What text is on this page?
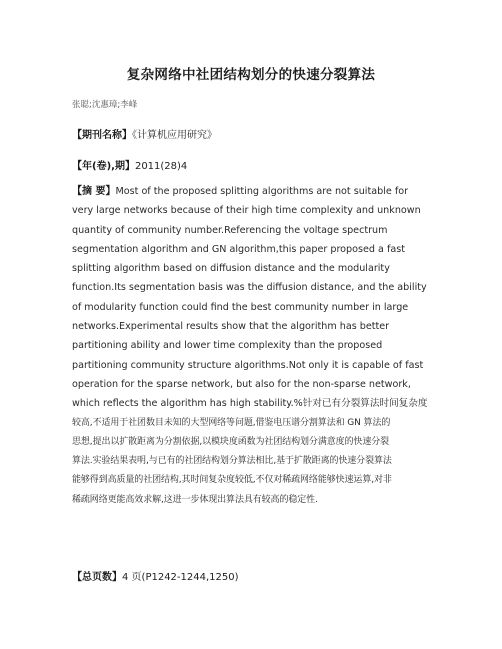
复杂网络中社团结构划分的快速分裂算法
张聪;沈惠璋;李峰
【期刊名称】《计算机应用研究》
【年(卷),期】2011(28)4
【摘 要】Most of the proposed splitting algorithms are not suitable for
very large networks because of their high time complexity and unknown
quantity of community number.Referencing the voltage spectrum
segmentation algorithm and GN algorithm,this paper proposed a fast
splitting algorithm based on diffusion distance and the modularity
function.Its segmentation basis was the diffusion distance, and the ability
of modularity function could find the best community number in large
networks.Experimental results show that the algorithm has better
partitioning ability and lower time complexity than the proposed
partitioning community structure algorithms.Not only it is capable of fast
operation for the sparse network, but also for the non-sparse network,
which reflects the algorithm has high stability.%针对已有分裂算法时间复杂度
较高,不适用于社团数目未知的大型网络等问题,借鉴电压谱分割算法和 GN 算法的
思想,提出以扩散距离为分割依据,以模块度函数为社团结构划分满意度的快速分裂
算法.实验结果表明,与已有的社团结构划分算法相比,基于扩散距离的快速分裂算法
能够得到高质量的社团结构,其时间复杂度较低,不仅对稀疏网络能够快速运算,对非
稀疏网络更能高效求解,这进一步体现出算法具有较高的稳定性.
【总页数】4 页(P1242-1244,1250)
